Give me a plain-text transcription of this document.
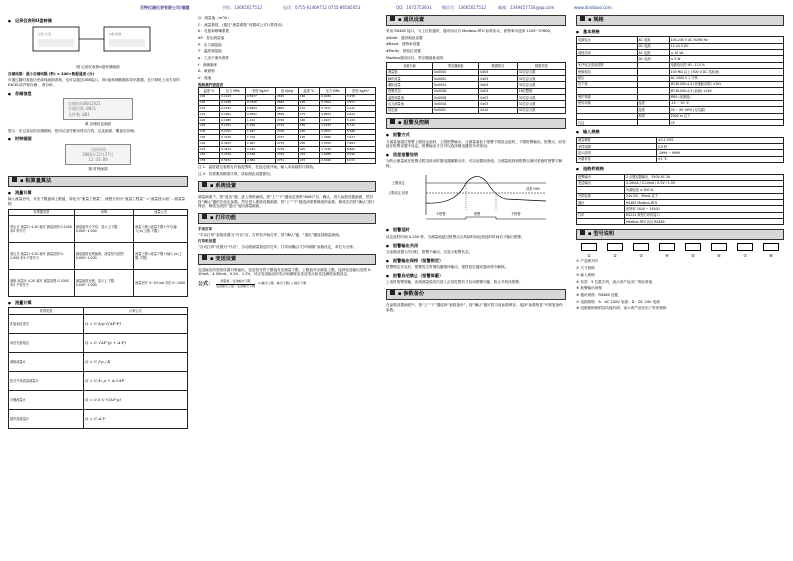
百特仪器仪表有限公司/福建	手机：13665617512	电话：0755-61469712 0755-86585053	QQ：1072753631	微信号：13665617512	邮箱：1349457726@qq.com	www.dianbiao.com
● 记录仪表和U盘转储
记录 仪表	U盘 转储
图 记录仪表和U盘转储画面

存储周期：最小存储间隔 (秒) = 240×数据通道 (分)

可通过随时查看历史曲线画面查询，也可以通过USB接口，用U盘转储数据和导出数据，在计算机上用专用的 EXCEL软件和存储 ，再分析。

● 存储信息
存储时间0012421
存储次数:0021
文件数:001
图 存储信息画面

提示：在记录仪的存储期间，把可记录作使用得空白的，记录画面，覆盖后存储。

● 时钟画面
当前时间
2006年12月27日
12:33:09
图 时钟画面
▪ 积算量算法
● 流量计算

输入流量信号，对应下限值和上限值，转化为“流量工程量”，流程分别为“流量工程量” =“流量显示值” - 测量量程

传感器类型	说明	流量公式
差压式 流量计 4-20 毫安 测量范围 0-1000 米3 带开方	测量值开方平均，显示上下限：0.000~1.000	流量工程=流量下限+开方(输入)×(上限-下限)
差压式 流量计 4-20 毫安 测量范围 0-1.000 米3 不带开方	测量值按比例换算，流量信号范围 0.000~1.000	流量工程=流量下限+(输入)×(上限-下限)
涡街 流量计 4-20 毫安 测量范围 0-1000 米3 不带开方	测量值按比例，显示上下限：0.000~1.000	流量信号 4~20 mA 对应 0~1000
● 流量计算
传感类型	计算公式
孔板和压差式	Q = C·k/ρ·√(ΔP·P)
前后孔板取压	Q = C·√ΔP·(ρ + A·P)
涡街流量计	Q = C·f·ρ / K
热式气体质量流量计	Q = C·k₁·ρ + A·√ΔP
平衡流量计	Q = 0.5·C·√(ΔP·ρ)
超声波流量计	Q = C·A·V

Q：流量值（m³/h）

C：流量系数，(通过“流量系数”设置或公式计算得出)

K：孔板和喷嘴系数

ΔP：差压测量值

P：压力测量值

T：温度测量值

ρ：工况下流体密度

f：涡街频率

A：截面积

V：流速

饱和蒸汽密度表
温度 ℃	压力 MPa	密度 kg/m³	焓 kJ/kg	温度 ℃	压力 MPa	密度 kg/m³
100	0.1013	0.5977	2676	160	0.6180	3.258
105	0.1208	0.7046	2683	165	0.7004	3.657
110	0.1433	0.8264	2691	170	0.7917	4.122
115	0.1691	0.9652	2699	175	0.8924	4.624
120	0.1985	1.122	2706	180	1.0027	5.160
125	0.2321	1.299	2713	185	1.1233	5.741
130	0.2701	1.497	2720	190	1.2551	6.388
135	0.3130	1.719	2727	195	1.3980	7.077
140	0.3613	1.967	2733	200	1.5550	7.863
145	0.4154	2.242	2739	205	1.7230	8.660
150	0.4759	2.548	2745	210	1.9080	9.590
155	0.5431	2.886	2751	215	2.1040	10.53

注 1：温度超过表格允许值范围时，在选定值开始，输入本参数的计算值。

注 2：若需要高精度计算，请参照此设置使用。

▪ 系统设置

测量画面下，按“退出”键，进入密码画面。按“上”“下”键设定密码“8000”后，确认，进入参数设置画面，然后按“确认”键依次设定参数。然后进入系统设置画面，按“上”“下”键选择需要修改的参数，修改完后按“确认”进行保存，修改完成按“退出”返回测量画面。

▪ 打印功能
手动打印

“手动打印”参数设置为“开启”后，打印机开始打印，按“确认”键，“退出”键返回测量画面。

打印机设置

“自动打印”设置为“开启”，自动将测量值定时打印，打印间隔由“打印间隔”参数设定，单位为分钟。

▪ 变送设置

变送输出的是将设置对象输出，变送信号的下限值对应测量下限，上限值对应测量上限。选择变送输出类型 0-10mA、4-20mA、0-5V、1-5V，对应变送输出的零点和满度由变送零点和变送满度参数设定。

公式：
测量值 - 变送输出下限
变送输出上限 - 变送输出下限
×(输出上限 - 输出下限) + 输出下限
▪ 通讯设置

采用 RS485 接口，与上位机通讯，通讯协议为 Modbus-RTU 标准协议，波特率可选择 1200~57600。

#Addr：通讯地址设置

#Baud：波特率设置

#Parity：校验位设置

Modbus通讯协议，寄存器地址说明：

参数名称	寄存器地址	数据格式	数据类型
测量值	0x0000	0x03	32位浮点数
瞬时流量	0x0002	0x03	32位浮点数
累积流量	0x0004	0x03	32位浮点数
报警状态	0x0006	0x03	16位整数
温度测量值	0x0008	0x03	32位浮点数
压力测量值	0x000A	0x03	32位浮点数
设定值	0x000C	0x10	32位浮点数
▪ 报警及控制
● 报警方式

当测量值超过报警上限设定值时，上限报警输出；当测量值低于报警下限设定值时，下限报警输出。报警点、回差值在报警设置中设定。报警输出方式可以选择继电器常开或常闭。

● 回差报警说明

为防止测量值在报警点附近波动时继电器频繁动作，可以设置回差值，当测量值回到报警点减回差值时报警才解除。

上限设定
上限设定-回差
回差 HYA
不报警	报警	不报警
● 报警延时

设定延时时间 0-250 秒，当测量值超过报警点且持续时间达到延时时间后才输出报警。

● 报警输出关闭

当参数设置为关闭时，报警不输出，仅显示报警状态。

● 报警输出保持（报警锁定）

报警锁定开启后，报警发生时继电器保持输出，需按复位键或通讯命令解除。

● 报警启动禁止（报警屏蔽）

上电时报警屏蔽，直到测量值首次进入正常范围后才启用报警功能，防止开机误报警。

▪ 参数备份

在参数设置画面中，按“上”“下”键选择“参数备份”，按“确认”键可将当前参数保存；选择“参数恢复”可恢复备份参数。

▪ 规格
● 基本规格
电源电压	AC 电源	100-240 V AC 50/60 Hz
	DC 电源	12-24 V DC
消耗功率	AC 电源	≤ 10 VA
	DC 电源	≤ 5 W
允许电压变动范围		电源电压的 90 - 110 %
绝缘电阻		100 MΩ 以上 (500 V DC 兆欧表)
耐压		AC 2000 V 1 分钟
抗干扰		IEC61000-4-4 (快速脉冲群) ±2kV
		IEC61000-4-5 (浪涌) ±2kV
保护等级		IP65 (前面板)
使用环境	温度	-10 ~ 50 ℃
	湿度	35 ~ 85 %RH (无结露)
	海拔	2000 m 以下
认证		CE
● 输入规格
测量精度	±0.2 %FS
采样周期	0.5 秒
显示范围	-1999 ~ 9999
冷端补偿	±1 ℃
● 选购件规格
报警输出	2 点继电器输出，250V AC 3A
变送输出	4-20mA / 0-10mA / 0-5V / 1-5V
	负载电阻 ≤ 500 Ω
外供电源	24V DC，30mA 以下
通讯	RS485 Modbus-RTU
	波特率 2400 ~ 19200
打印	RS232 微型打印机接口
	Modbus-RTU 协议 RS485
▪ 型号说明
①	②	③	④	⑤	⑥	⑦	⑧

① 产品系列号

② 尺寸规格

③ 输入规格

④ 有效：5 位数字码，表示该产品出厂的标准值

⑤ 报警输出规格

⑥ 通讯规格：RS485 选配

⑦ 电源规格：A：AC 220V 电源；D：DC 24V 电源

⑧ 电源规格和附加功能代码，表示该产品在出厂时的规格
